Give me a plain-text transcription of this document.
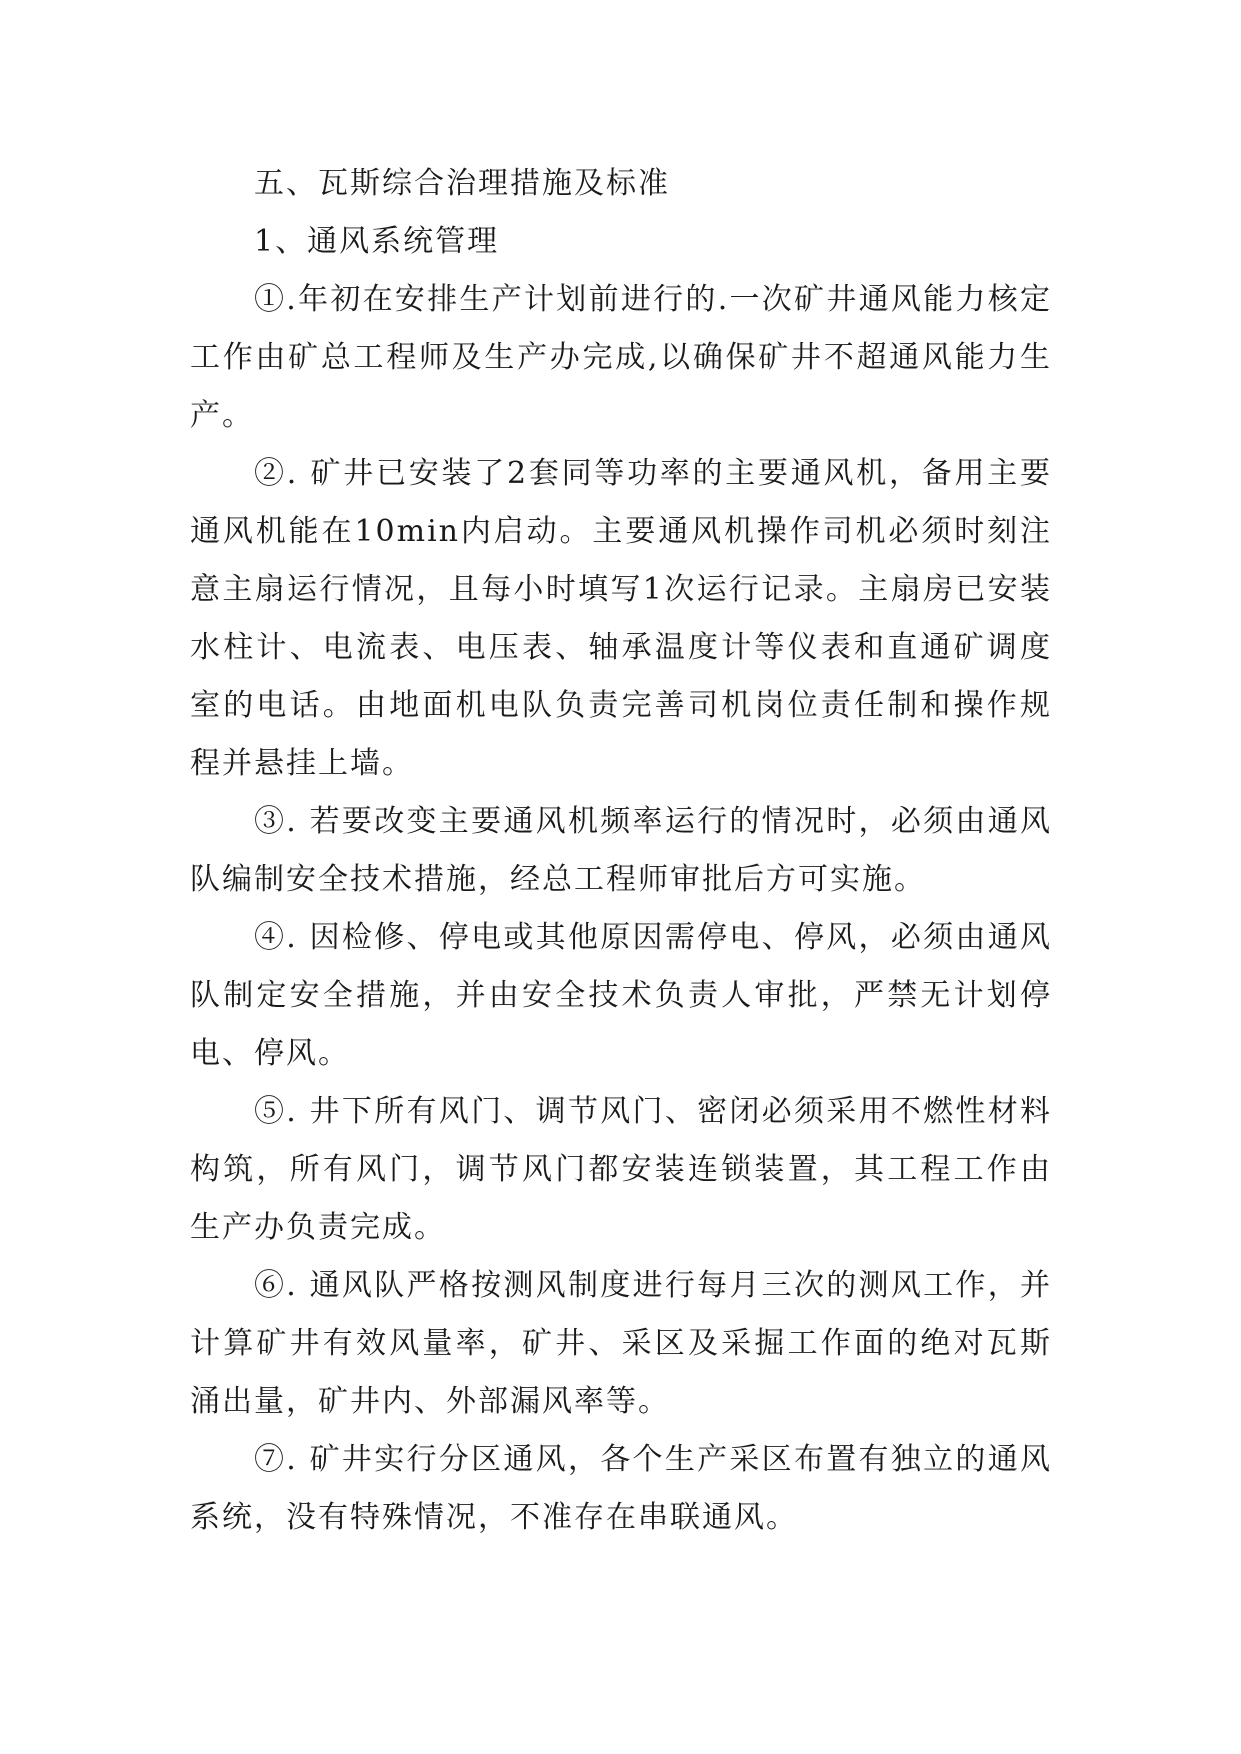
五、瓦斯综合治理措施及标准

1、通风系统管理

①.年初在安排生产计划前进行的.一次矿井通风能力核定工作由矿总工程师及生产办完成,以确保矿井不超通风能力生产。

②. 矿井已安装了2套同等功率的主要通风机，备用主要通风机能在10min内启动。主要通风机操作司机必须时刻注意主扇运行情况，且每小时填写1次运行记录。主扇房已安装水柱计、电流表、电压表、轴承温度计等仪表和直通矿调度室的电话。由地面机电队负责完善司机岗位责任制和操作规程并悬挂上墙。

③. 若要改变主要通风机频率运行的情况时，必须由通风队编制安全技术措施，经总工程师审批后方可实施。

④. 因检修、停电或其他原因需停电、停风，必须由通风队制定安全措施，并由安全技术负责人审批，严禁无计划停电、停风。

⑤. 井下所有风门、调节风门、密闭必须采用不燃性材料构筑，所有风门，调节风门都安装连锁装置，其工程工作由生产办负责完成。

⑥. 通风队严格按测风制度进行每月三次的测风工作，并计算矿井有效风量率，矿井、采区及采掘工作面的绝对瓦斯涌出量，矿井内、外部漏风率等。

⑦. 矿井实行分区通风，各个生产采区布置有独立的通风系统，没有特殊情况，不准存在串联通风。
